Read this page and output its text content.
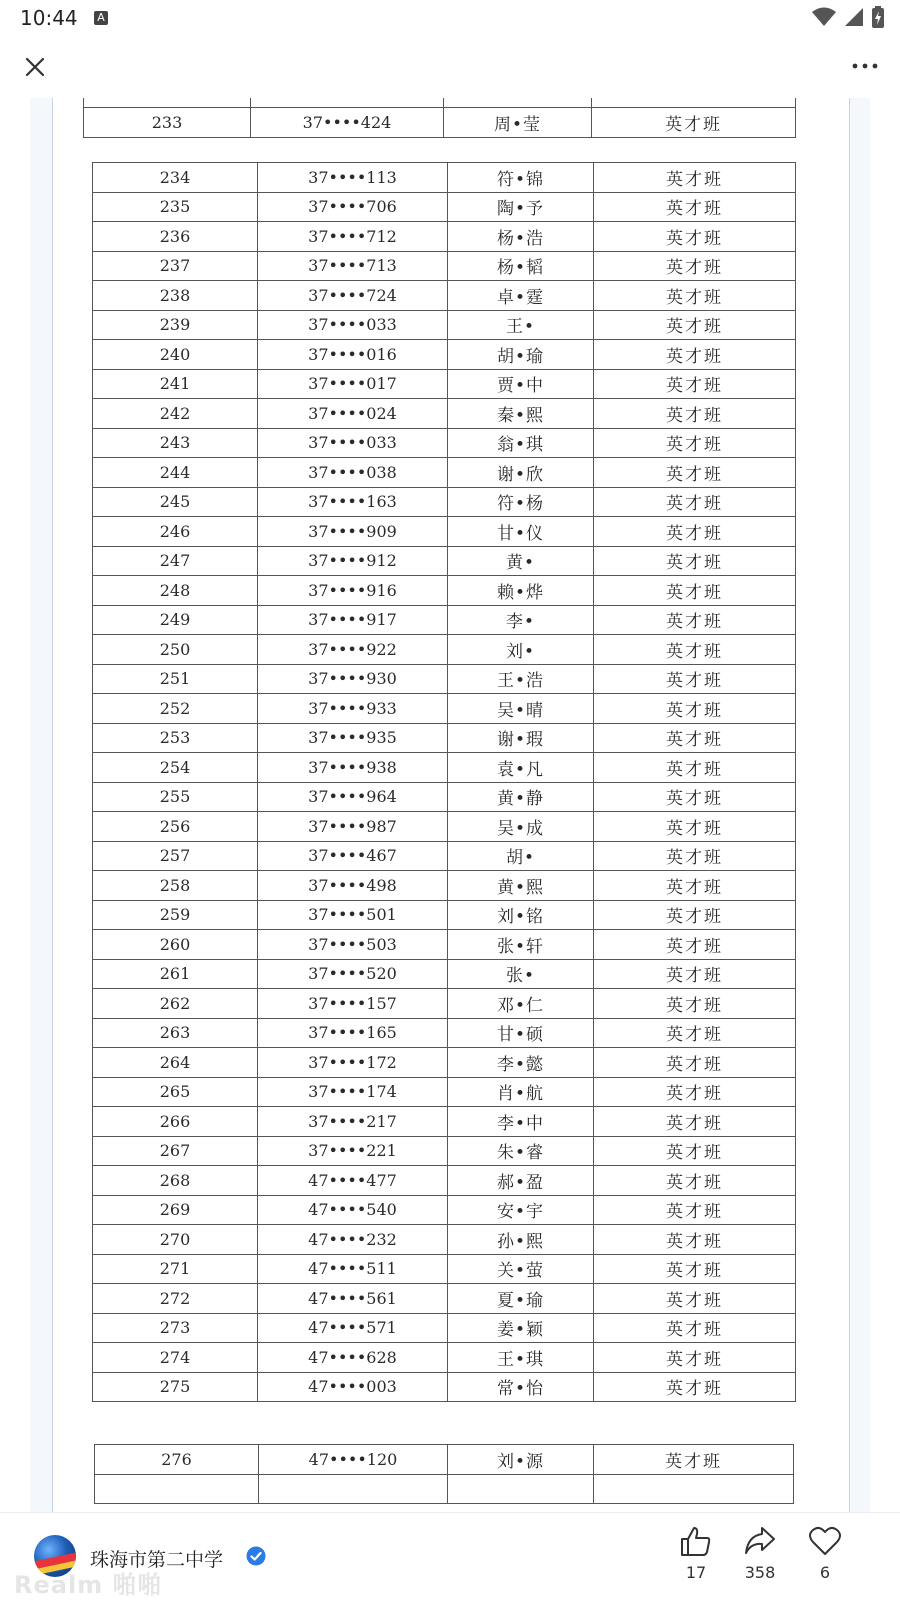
10:44 A

233	37••••424	周•莹	英才班
234	37••••113	符•锦	英才班
235	37••••706	陶•予	英才班
236	37••••712	杨•浩	英才班
237	37••••713	杨•韬	英才班
238	37••••724	卓•霆	英才班
239	37••••033	王•	英才班
240	37••••016	胡•瑜	英才班
241	37••••017	贾•中	英才班
242	37••••024	秦•熙	英才班
243	37••••033	翁•琪	英才班
244	37••••038	谢•欣	英才班
245	37••••163	符•杨	英才班
246	37••••909	甘•仪	英才班
247	37••••912	黄•	英才班
248	37••••916	赖•烨	英才班
249	37••••917	李•	英才班
250	37••••922	刘•	英才班
251	37••••930	王•浩	英才班
252	37••••933	吴•晴	英才班
253	37••••935	谢•瑕	英才班
254	37••••938	袁•凡	英才班
255	37••••964	黄•静	英才班
256	37••••987	吴•成	英才班
257	37••••467	胡•	英才班
258	37••••498	黄•熙	英才班
259	37••••501	刘•铭	英才班
260	37••••503	张•轩	英才班
261	37••••520	张•	英才班
262	37••••157	邓•仁	英才班
263	37••••165	甘•硕	英才班
264	37••••172	李•懿	英才班
265	37••••174	肖•航	英才班
266	37••••217	李•中	英才班
267	37••••221	朱•睿	英才班
268	47••••477	郝•盈	英才班
269	47••••540	安•宇	英才班
270	47••••232	孙•熙	英才班
271	47••••511	关•萤	英才班
272	47••••561	夏•瑜	英才班
273	47••••571	姜•颖	英才班
274	47••••628	王•琪	英才班
275	47••••003	常•怡	英才班
276	47••••120	刘•源	英才班

珠海市第二中学
Realm 啪啪	17	358	6
